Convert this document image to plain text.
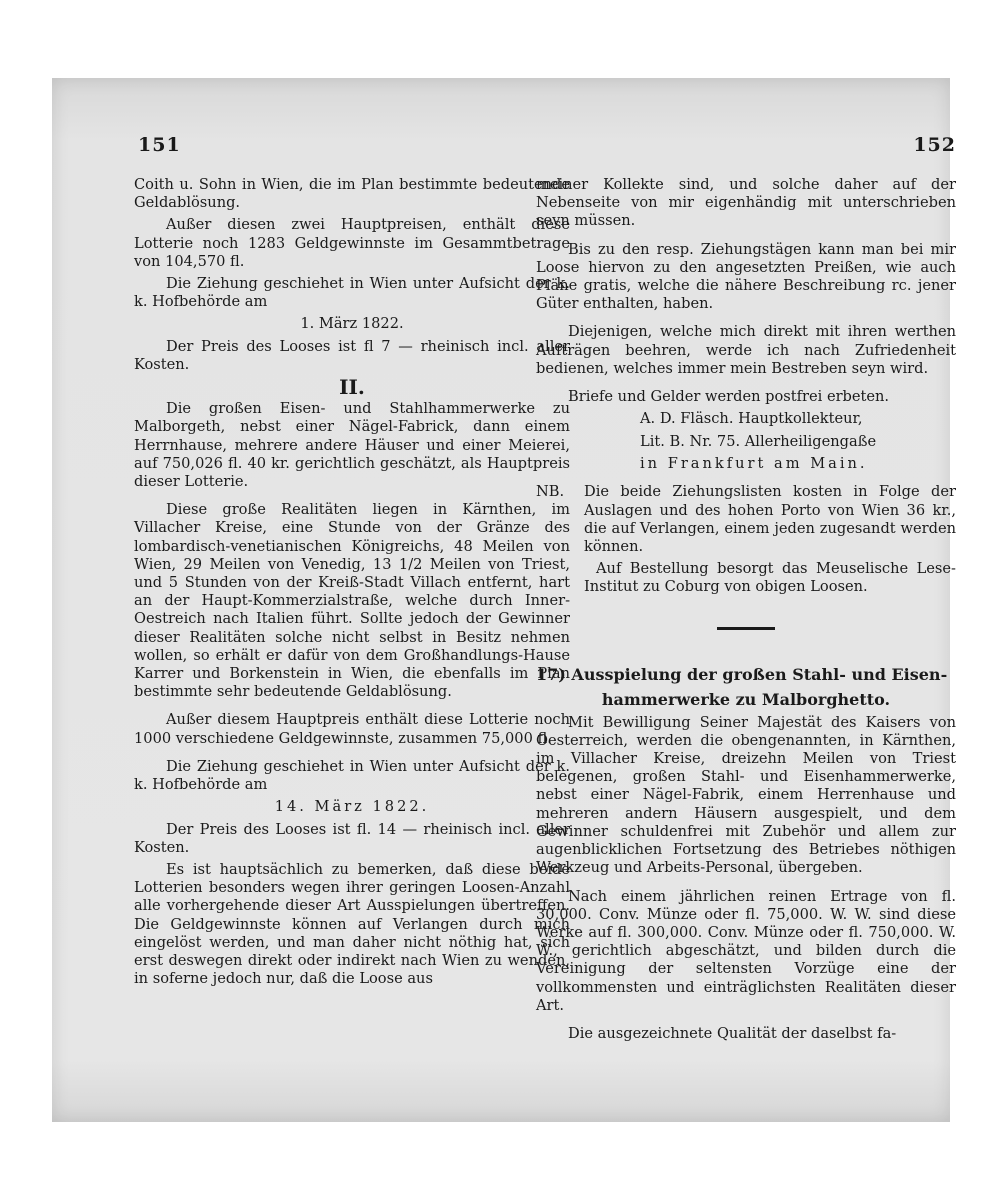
151

Coith u. Sohn in Wien, die im Plan bestimmte bedeutende Geldablösung.

Außer diesen zwei Hauptpreisen, enthält diese Lotterie noch 1283 Geldgewinnste im Gesammtbetrage von 104,570 fl.

Die Ziehung geschiehet in Wien unter Aufsicht der k. k. Hofbehörde am

1. März 1822.

Der Preis des Looses ist fl 7 — rheinisch incl. aller Kosten.

II.

Die großen Eisen- und Stahlhammerwerke zu Malborgeth, nebst einer Nägel-Fabrick, dann einem Herrnhause, mehrere andere Häuser und einer Meierei, auf 750,026 fl. 40 kr. gerichtlich geschätzt, als Hauptpreis dieser Lotterie.

Diese große Realitäten liegen in Kärnthen, im Villacher Kreise, eine Stunde von der Gränze des lombardisch-venetianischen Königreichs, 48 Meilen von Wien, 29 Meilen von Venedig, 13 1/2 Meilen von Triest, und 5 Stunden von der Kreiß-Stadt Villach entfernt, hart an der Haupt-Kommerzialstraße, welche durch Inner-Oestreich nach Italien führt. Sollte jedoch der Gewinner dieser Realitäten solche nicht selbst in Besitz nehmen wollen, so erhält er dafür von dem Großhandlungs-Hause Karrer und Borkenstein in Wien, die ebenfalls im Plan bestimmte sehr bedeutende Geldablösung.

Außer diesem Hauptpreis enthält diese Lotterie noch 1000 verschiedene Geldgewinnste, zusammen 75,000 fl.

Die Ziehung geschiehet in Wien unter Aufsicht der k. k. Hofbehörde am

14. März 1822.

Der Preis des Looses ist fl. 14 — rheinisch incl. aller Kosten.

Es ist hauptsächlich zu bemerken, daß diese beide Lotterien besonders wegen ihrer geringen Loosen-Anzahl alle vorhergehende dieser Art Ausspielungen übertreffen. Die Geldgewinnste können auf Verlangen durch mich eingelöst werden, und man daher nicht nöthig hat, sich erst deswegen direkt oder indirekt nach Wien zu wenden, in soferne jedoch nur, daß die Loose aus

152

meiner Kollekte sind, und solche daher auf der Nebenseite von mir eigenhändig mit unterschrieben seyn müssen.

Bis zu den resp. Ziehungstägen kann man bei mir Loose hiervon zu den angesetzten Preißen, wie auch Pläne gratis, welche die nähere Beschreibung rc. jener Güter enthalten, haben.

Diejenigen, welche mich direkt mit ihren werthen Aufträgen beehren, werde ich nach Zufriedenheit bedienen, welches immer mein Bestreben seyn wird.

Briefe und Gelder werden postfrei erbeten.

A. D. Fläsch. Hauptkollekteur,

Lit. B. Nr. 75. Allerheiligengaße

in Frankfurt am Main.

NB. Die beide Ziehungslisten kosten in Folge der Auslagen und des hohen Porto von Wien 36 kr., die auf Verlangen, einem jeden zugesandt werden können.

Auf Bestellung besorgt das Meuselische Lese-Institut zu Coburg von obigen Loosen.

17) Ausspielung der großen Stahl- und Eisen-

hammerwerke zu Malborghetto.

Mit Bewilligung Seiner Majestät des Kaisers von Oesterreich, werden die obengenannten, in Kärnthen, im Villacher Kreise, dreizehn Meilen von Triest belegenen, großen Stahl- und Eisenhammerwerke, nebst einer Nägel-Fabrik, einem Herrenhause und mehreren andern Häusern ausgespielt, und dem Gewinner schuldenfrei mit Zubehör und allem zur augenblicklichen Fortsetzung des Betriebes nöthigen Werkzeug und Arbeits-Personal, übergeben.

Nach einem jährlichen reinen Ertrage von fl. 30,000. Conv. Münze oder fl. 75,000. W. W. sind diese Werke auf fl. 300,000. Conv. Münze oder fl. 750,000. W. W., gerichtlich abgeschätzt, und bilden durch die Vereinigung der seltensten Vorzüge eine der vollkommensten und einträglichsten Realitäten dieser Art.

Die ausgezeichnete Qualität der daselbst fa-
